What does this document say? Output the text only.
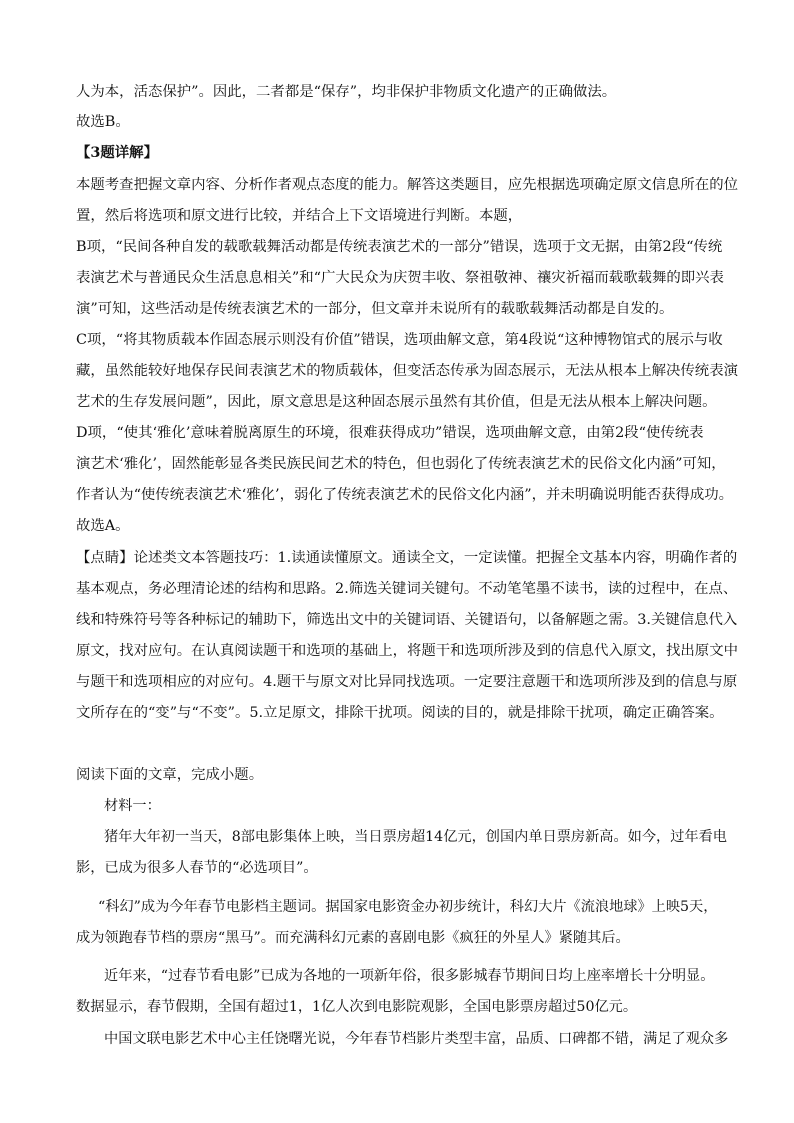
人为本，活态保护”。因此，二者都是“保存”，均非保护非物质文化遗产的正确做法。
故选B。
【3题详解】
本题考查把握文章内容、分析作者观点态度的能力。解答这类题目，应先根据选项确定原文信息所在的位
置，然后将选项和原文进行比较，并结合上下文语境进行判断。本题，
B项，“民间各种自发的载歌载舞活动都是传统表演艺术的一部分”错误，选项于文无据，由第2段“传统
表演艺术与普通民众生活息息相关”和“广大民众为庆贺丰收、祭祖敬神、禳灾祈福而载歌载舞的即兴表
演”可知，这些活动是传统表演艺术的一部分，但文章并未说所有的载歌载舞活动都是自发的。
C项，“将其物质载本作固态展示则没有价值”错误，选项曲解文意，第4段说“这种博物馆式的展示与收
藏，虽然能较好地保存民间表演艺术的物质载体，但变活态传承为固态展示，无法从根本上解决传统表演
艺术的生存发展问题”，因此，原文意思是这种固态展示虽然有其价值，但是无法从根本上解决问题。
D项，“使其‘雅化’意味着脱离原生的环境，很难获得成功”错误，选项曲解文意，由第2段“使传统表
演艺术‘雅化’，固然能彰显各类民族民间艺术的特色，但也弱化了传统表演艺术的民俗文化内涵”可知，
作者认为“使传统表演艺术‘雅化’，弱化了传统表演艺术的民俗文化内涵”，并未明确说明能否获得成功。
故选A。
【点睛】论述类文本答题技巧：1.读通读懂原文。通读全文，一定读懂。把握全文基本内容，明确作者的
基本观点，务必理清论述的结构和思路。2.筛选关键词关键句。不动笔笔墨不读书，读的过程中，在点、
线和特殊符号等各种标记的辅助下，筛选出文中的关键词语、关键语句，以备解题之需。3.关键信息代入
原文，找对应句。在认真阅读题干和选项的基础上，将题干和选项所涉及到的信息代入原文，找出原文中
与题干和选项相应的对应句。4.题干与原文对比异同找选项。一定要注意题干和选项所涉及到的信息与原
文所存在的“变”与“不变”。5.立足原文，排除干扰项。阅读的目的，就是排除干扰项，确定正确答案。
阅读下面的文章，完成小题。
材料一：
猪年大年初一当天，8部电影集体上映，当日票房超14亿元，创国内单日票房新高。如今，过年看电
影，已成为很多人春节的“必选项目”。
“科幻”成为今年春节电影档主题词。据国家电影资金办初步统计，科幻大片《流浪地球》上映5天，
成为领跑春节档的票房“黑马”。而充满科幻元素的喜剧电影《疯狂的外星人》紧随其后。
近年来，“过春节看电影”已成为各地的一项新年俗，很多影城春节期间日均上座率增长十分明显。
数据显示，春节假期，全国有超过1，1亿人次到电影院观影，全国电影票房超过50亿元。
中国文联电影艺术中心主任饶曙光说，今年春节档影片类型丰富，品质、口碑都不错，满足了观众多
